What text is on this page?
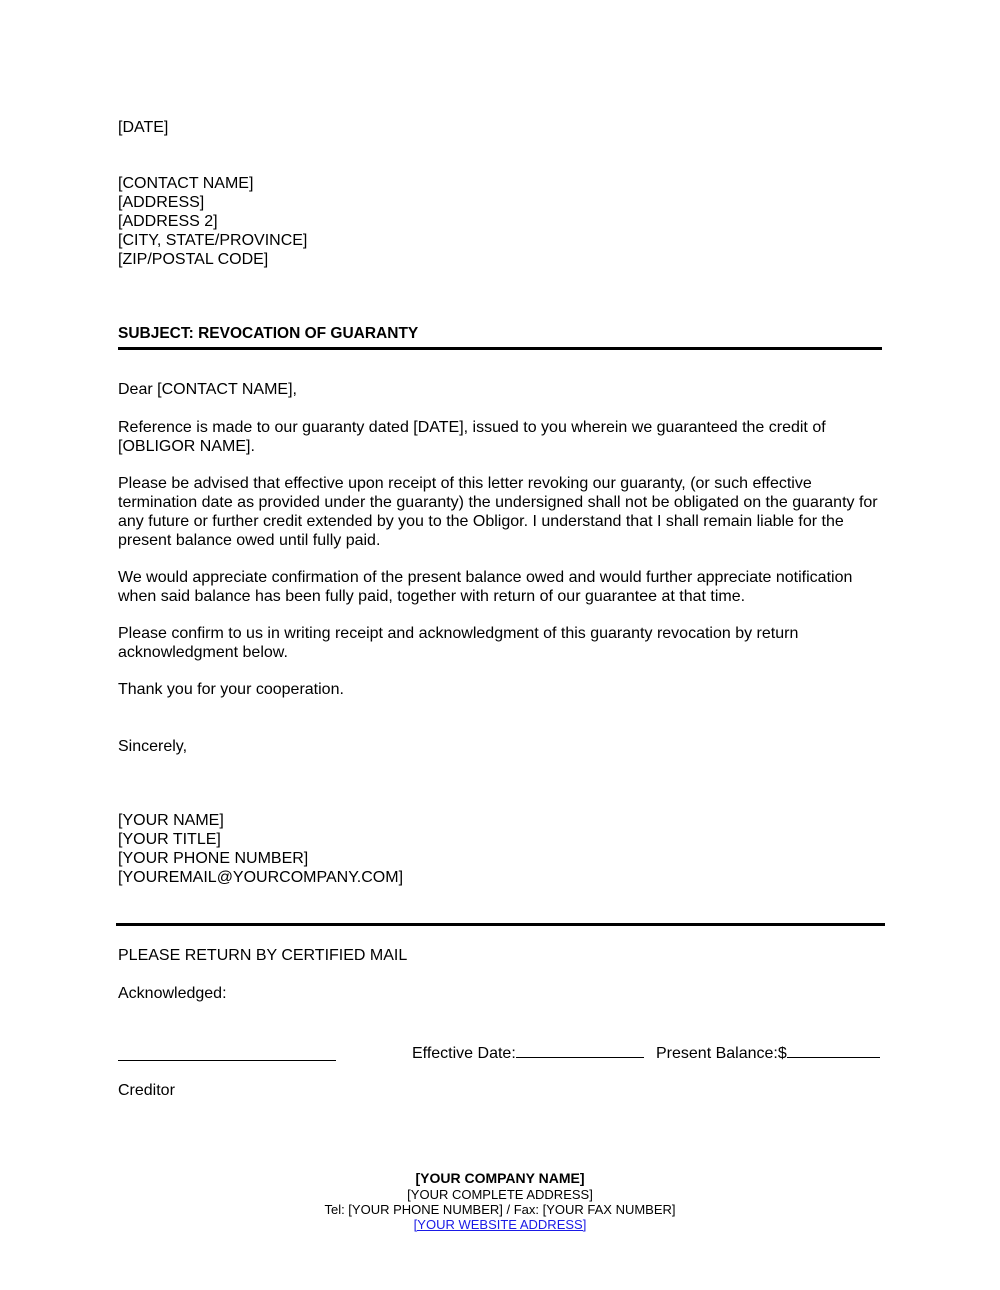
[DATE]
[CONTACT NAME]
[ADDRESS]
[ADDRESS 2]
[CITY, STATE/PROVINCE]
[ZIP/POSTAL CODE]
SUBJECT: REVOCATION OF GUARANTY
Dear [CONTACT NAME],
Reference is made to our guaranty dated [DATE], issued to you wherein we guaranteed the credit of [OBLIGOR NAME].
Please be advised that effective upon receipt of this letter revoking our guaranty, (or such effective termination date as provided under the guaranty) the undersigned shall not be obligated on the guaranty for any future or further credit extended by you to the Obligor. I understand that I shall remain liable for the present balance owed until fully paid.
We would appreciate confirmation of the present balance owed and would further appreciate notification when said balance has been fully paid, together with return of our guarantee at that time.
Please confirm to us in writing receipt and acknowledgment of this guaranty revocation by return acknowledgment below.
Thank you for your cooperation.
Sincerely,
[YOUR NAME]
[YOUR TITLE]
[YOUR PHONE NUMBER]
[YOUREMAIL@YOURCOMPANY.COM]
PLEASE RETURN BY CERTIFIED MAIL
Acknowledged:
Effective Date:	Present Balance:$
Creditor
[YOUR COMPANY NAME]
[YOUR COMPLETE ADDRESS]
Tel: [YOUR PHONE NUMBER] / Fax: [YOUR FAX NUMBER]
[YOUR WEBSITE ADDRESS]
